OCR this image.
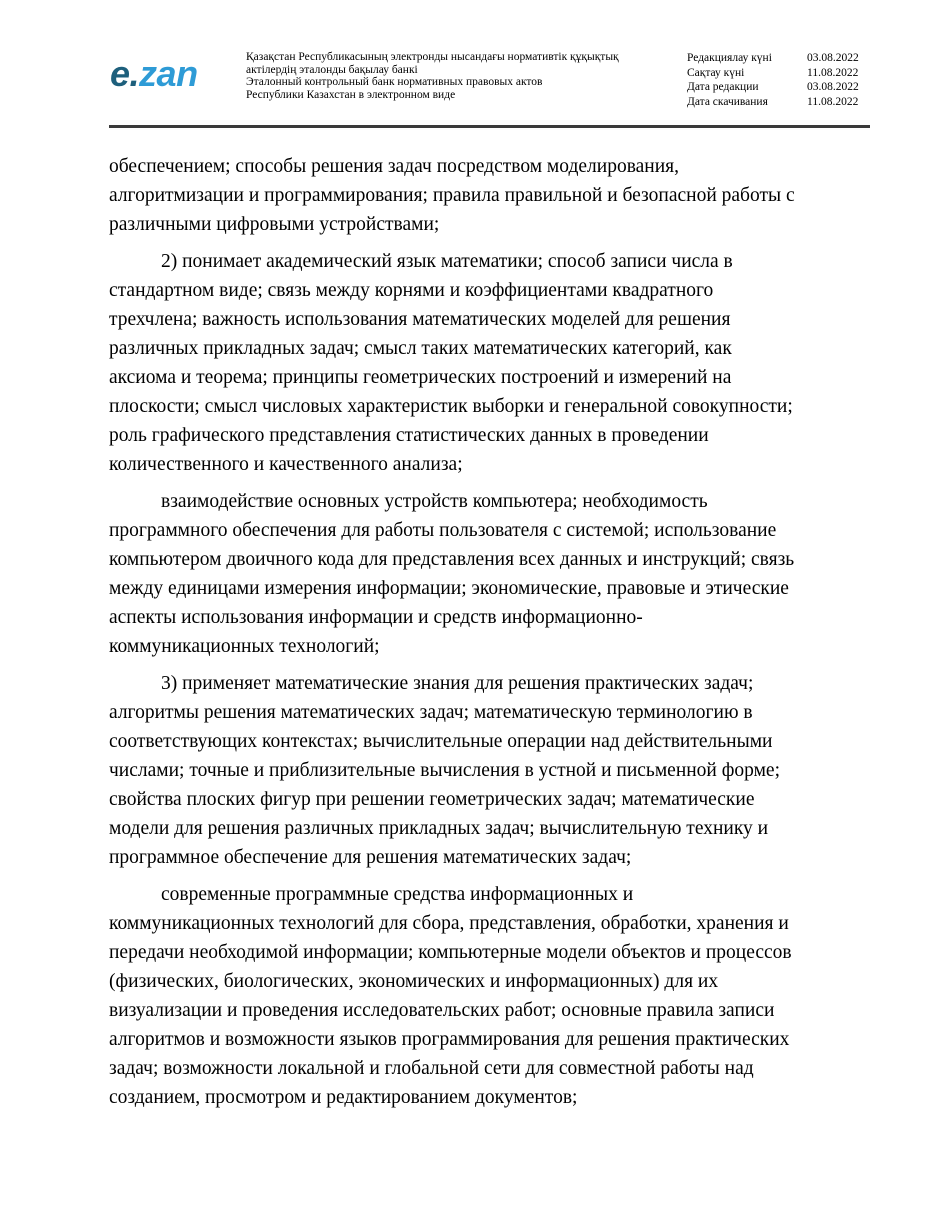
e.zan	Қазақстан Республикасының электронды нысандағы нормативтік құқықтық
актілердің эталонды бақылау банкі
Эталонный контрольный банк нормативных правовых актов
Республики Казахстан в электронном виде
Редакциялау күні	03.08.2022
Сақтау күні	11.08.2022
Дата редакции	03.08.2022
Дата скачивания	11.08.2022
обеспечением; способы решения задач посредством моделирования,
алгоритмизации и программирования; правила правильной и безопасной работы с
различными цифровыми устройствами;
2) понимает академический язык математики; способ записи числа в
стандартном виде; связь между корнями и коэффициентами квадратного
трехчлена; важность использования математических моделей для решения
различных прикладных задач; смысл таких математических категорий, как
аксиома и теорема; принципы геометрических построений и измерений на
плоскости; смысл числовых характеристик выборки и генеральной совокупности;
роль графического представления статистических данных в проведении
количественного и качественного анализа;
взаимодействие основных устройств компьютера; необходимость
программного обеспечения для работы пользователя с системой; использование
компьютером двоичного кода для представления всех данных и инструкций; связь
между единицами измерения информации; экономические, правовые и этические
аспекты использования информации и средств информационно-
коммуникационных технологий;
3) применяет математические знания для решения практических задач;
алгоритмы решения математических задач; математическую терминологию в
соответствующих контекстах; вычислительные операции над действительными
числами; точные и приблизительные вычисления в устной и письменной форме;
свойства плоских фигур при решении геометрических задач; математические
модели для решения различных прикладных задач; вычислительную технику и
программное обеспечение для решения математических задач;
современные программные средства информационных и
коммуникационных технологий для сбора, представления, обработки, хранения и
передачи необходимой информации; компьютерные модели объектов и процессов
(физических, биологических, экономических и информационных) для их
визуализации и проведения исследовательских работ; основные правила записи
алгоритмов и возможности языков программирования для решения практических
задач; возможности локальной и глобальной сети для совместной работы над
созданием, просмотром и редактированием документов;
